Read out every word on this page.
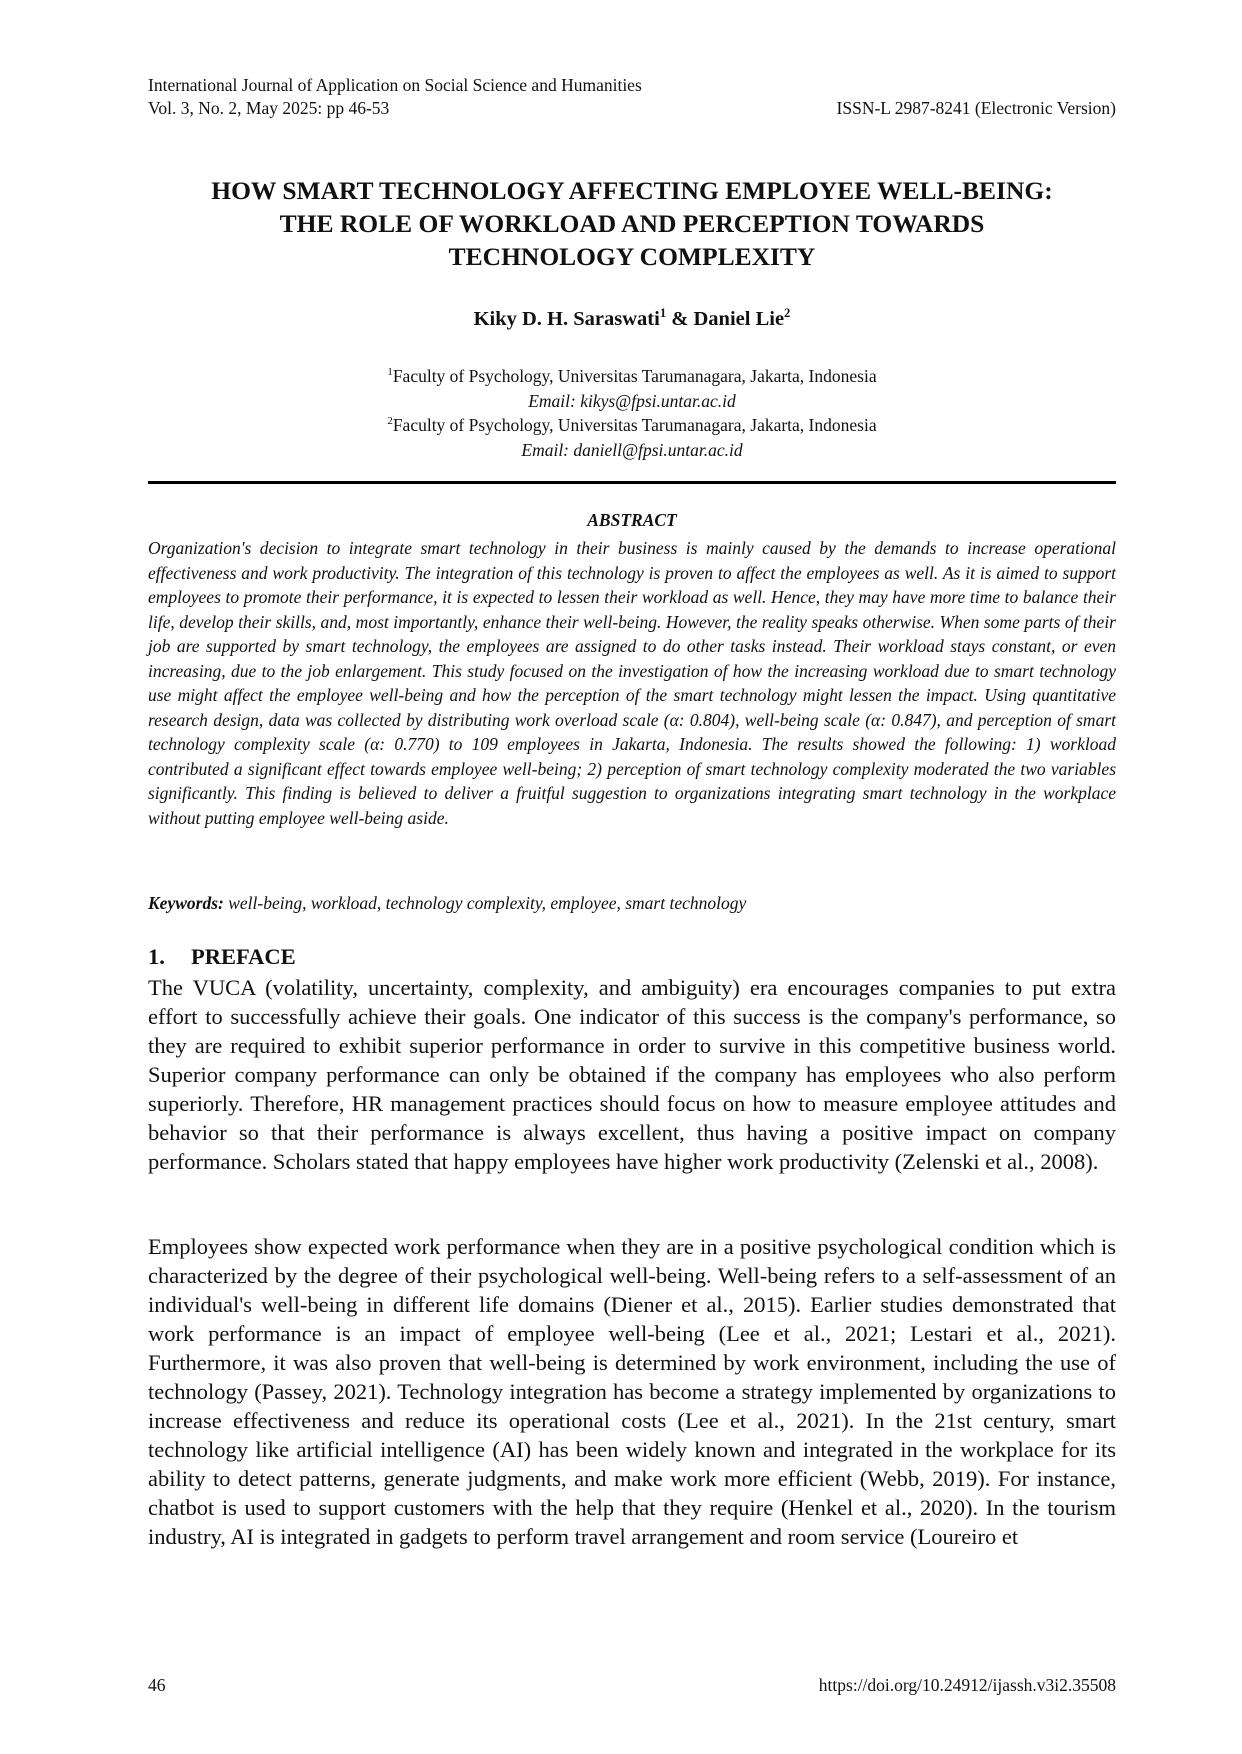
International Journal of Application on Social Science and Humanities
Vol. 3, No. 2, May 2025: pp 46-53	ISSN-L 2987-8241 (Electronic Version)
HOW SMART TECHNOLOGY AFFECTING EMPLOYEE WELL-BEING:
THE ROLE OF WORKLOAD AND PERCEPTION TOWARDS
TECHNOLOGY COMPLEXITY
Kiky D. H. Saraswati$^1$ & Daniel Lie$^2$
$^1$Faculty of Psychology, Universitas Tarumanagara, Jakarta, Indonesia
Email: kikys@fpsi.untar.ac.id
$^2$Faculty of Psychology, Universitas Tarumanagara, Jakarta, Indonesia
Email: daniell@fpsi.untar.ac.id
ABSTRACT
Organization's decision to integrate smart technology in their business is mainly caused by the demands to increase operational effectiveness and work productivity. The integration of this technology is proven to affect the employees as well. As it is aimed to support employees to promote their performance, it is expected to lessen their workload as well. Hence, they may have more time to balance their life, develop their skills, and, most importantly, enhance their well-being. However, the reality speaks otherwise. When some parts of their job are supported by smart technology, the employees are assigned to do other tasks instead. Their workload stays constant, or even increasing, due to the job enlargement. This study focused on the investigation of how the increasing workload due to smart technology use might affect the employee well-being and how the perception of the smart technology might lessen the impact. Using quantitative research design, data was collected by distributing work overload scale (α: 0.804), well-being scale (α: 0.847), and perception of smart technology complexity scale (α: 0.770) to 109 employees in Jakarta, Indonesia. The results showed the following: 1) workload contributed a significant effect towards employee well-being; 2) perception of smart technology complexity moderated the two variables significantly. This finding is believed to deliver a fruitful suggestion to organizations integrating smart technology in the workplace without putting employee well-being aside.
Keywords: well-being, workload, technology complexity, employee, smart technology
1. PREFACE
The VUCA (volatility, uncertainty, complexity, and ambiguity) era encourages companies to put extra effort to successfully achieve their goals. One indicator of this success is the company's performance, so they are required to exhibit superior performance in order to survive in this competitive business world. Superior company performance can only be obtained if the company has employees who also perform superiorly. Therefore, HR management practices should focus on how to measure employee attitudes and behavior so that their performance is always excellent, thus having a positive impact on company performance. Scholars stated that happy employees have higher work productivity (Zelenski et al., 2008).
Employees show expected work performance when they are in a positive psychological condition which is characterized by the degree of their psychological well-being. Well-being refers to a self-assessment of an individual's well-being in different life domains (Diener et al., 2015). Earlier studies demonstrated that work performance is an impact of employee well-being (Lee et al., 2021; Lestari et al., 2021). Furthermore, it was also proven that well-being is determined by work environment, including the use of technology (Passey, 2021). Technology integration has become a strategy implemented by organizations to increase effectiveness and reduce its operational costs (Lee et al., 2021). In the 21st century, smart technology like artificial intelligence (AI) has been widely known and integrated in the workplace for its ability to detect patterns, generate judgments, and make work more efficient (Webb, 2019). For instance, chatbot is used to support customers with the help that they require (Henkel et al., 2020). In the tourism industry, AI is integrated in gadgets to perform travel arrangement and room service (Loureiro et
46	https://doi.org/10.24912/ijassh.v3i2.35508
